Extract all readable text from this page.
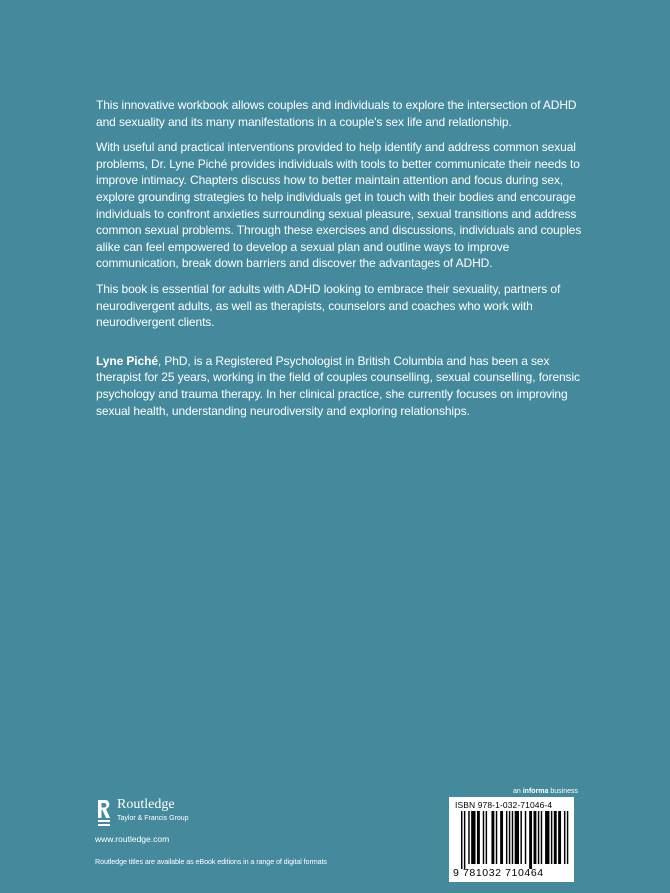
This innovative workbook allows couples and individuals to explore the intersection of ADHD and sexuality and its many manifestations in a couple's sex life and relationship.

With useful and practical interventions provided to help identify and address common sexual problems, Dr. Lyne Piché provides individuals with tools to better communicate their needs to improve intimacy. Chapters discuss how to better maintain attention and focus during sex, explore grounding strategies to help individuals get in touch with their bodies and encourage individuals to confront anxieties surrounding sexual pleasure, sexual transitions and address common sexual problems. Through these exercises and discussions, individuals and couples alike can feel empowered to develop a sexual plan and outline ways to improve communication, break down barriers and discover the advantages of ADHD.

This book is essential for adults with ADHD looking to embrace their sexuality, partners of neurodivergent adults, as well as therapists, counselors and coaches who work with neurodivergent clients.

Lyne Piché, PhD, is a Registered Psychologist in British Columbia and has been a sex therapist for 25 years, working in the field of couples counselling, sexual counselling, forensic psychology and trauma therapy. In her clinical practice, she currently focuses on improving sexual health, understanding neurodiversity and exploring relationships.

Routledge
Taylor & Francis Group
www.routledge.com
Routledge titles are available as eBook editions in a range of digital formats
an informa business
ISBN 978-1-032-71046-4
9 781032 710464
